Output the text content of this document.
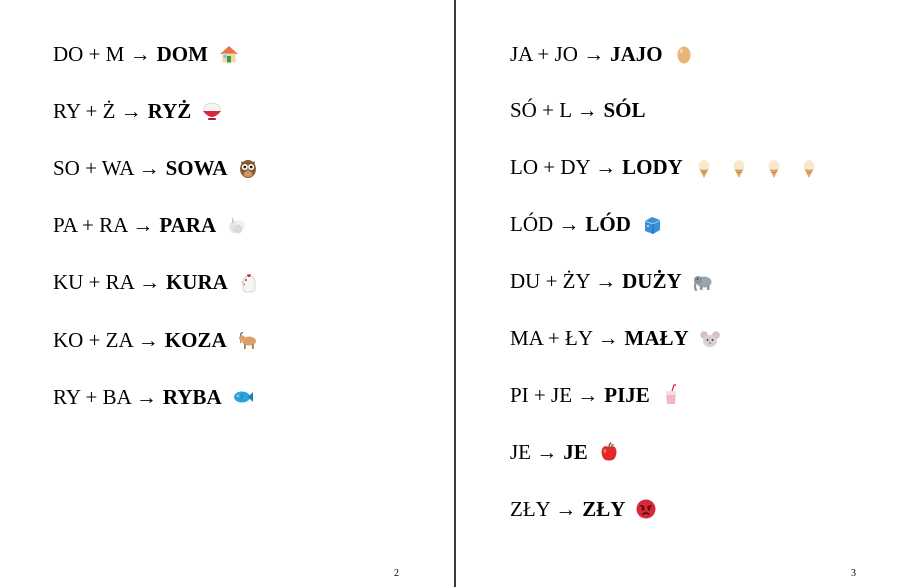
DO + M → DOM
RY + Ż → RYŻ
SO + WA → SOWA
PA + RA → PARA
KU + RA → KURA
KO + ZA → KOZA
RY + BA → RYBA
2
JA + JO → JAJO
SÓ + L → SÓL
LO + DY → LODY
LÓD → LÓD
DU + ŻY → DUŻY
MA + ŁY → MAŁY
PI + JE → PIJE
JE → JE
ZŁY → ZŁY
3
